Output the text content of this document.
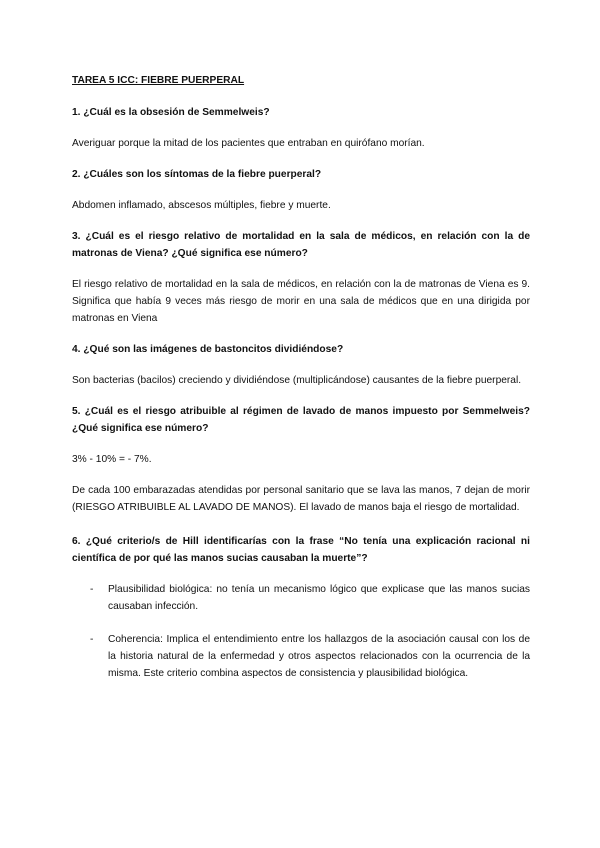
TAREA 5 ICC: FIEBRE PUERPERAL
1. ¿Cuál es la obsesión de Semmelweis?
Averiguar porque la mitad de los pacientes que entraban en quirófano morían.
2. ¿Cuáles son los síntomas de la fiebre puerperal?
Abdomen inflamado, abscesos múltiples, fiebre y muerte.
3. ¿Cuál es el riesgo relativo de mortalidad en la sala de médicos, en relación con la de matronas de Viena? ¿Qué significa ese número?
El riesgo relativo de mortalidad en la sala de médicos, en relación con la de matronas de Viena es 9. Significa que había 9 veces más riesgo de morir en una sala de médicos que en una dirigida por matronas en Viena
4. ¿Qué son las imágenes de bastoncitos dividiéndose?
Son bacterias (bacilos) creciendo y dividiéndose (multiplicándose) causantes de la fiebre puerperal.
5. ¿Cuál es el riesgo atribuible al régimen de lavado de manos impuesto por Semmelweis? ¿Qué significa ese número?
3% - 10% = - 7%.
De cada 100 embarazadas atendidas por personal sanitario que se lava las manos, 7 dejan de morir (RIESGO ATRIBUIBLE AL LAVADO DE MANOS). El lavado de manos baja el riesgo de mortalidad.
6. ¿Qué criterio/s de Hill identificarías con la frase “No tenía una explicación racional ni científica de por qué las manos sucias causaban la muerte”?
- Plausibilidad biológica: no tenía un mecanismo lógico que explicase que las manos sucias causaban infección.
- Coherencia: Implica el entendimiento entre los hallazgos de la asociación causal con los de la historia natural de la enfermedad y otros aspectos relacionados con la ocurrencia de la misma. Este criterio combina aspectos de consistencia y plausibilidad biológica.
